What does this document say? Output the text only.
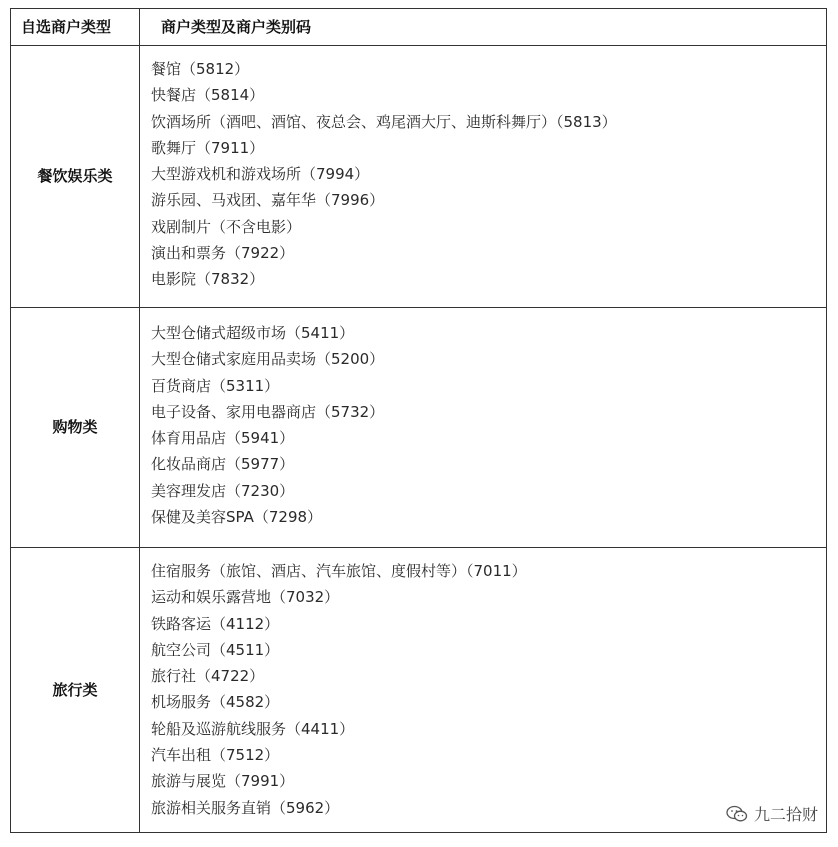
自选商户类型	商户类型及商户类别码
餐饮娱乐类
餐馆（5812）
快餐店（5814）
饮酒场所（酒吧、酒馆、夜总会、鸡尾酒大厅、迪斯科舞厅）（5813）
歌舞厅（7911）
大型游戏机和游戏场所（7994）
游乐园、马戏团、嘉年华（7996）
戏剧制片（不含电影）
演出和票务（7922）
电影院（7832）
购物类
大型仓储式超级市场（5411）
大型仓储式家庭用品卖场（5200）
百货商店（5311）
电子设备、家用电器商店（5732）
体育用品店（5941）
化妆品商店（5977）
美容理发店（7230）
保健及美容SPA（7298）
旅行类
住宿服务（旅馆、酒店、汽车旅馆、度假村等）（7011）
运动和娱乐露营地（7032）
铁路客运（4112）
航空公司（4511）
旅行社（4722）
机场服务（4582）
轮船及巡游航线服务（4411）
汽车出租（7512）
旅游与展览（7991）
旅游相关服务直销（5962）	九二拾财
